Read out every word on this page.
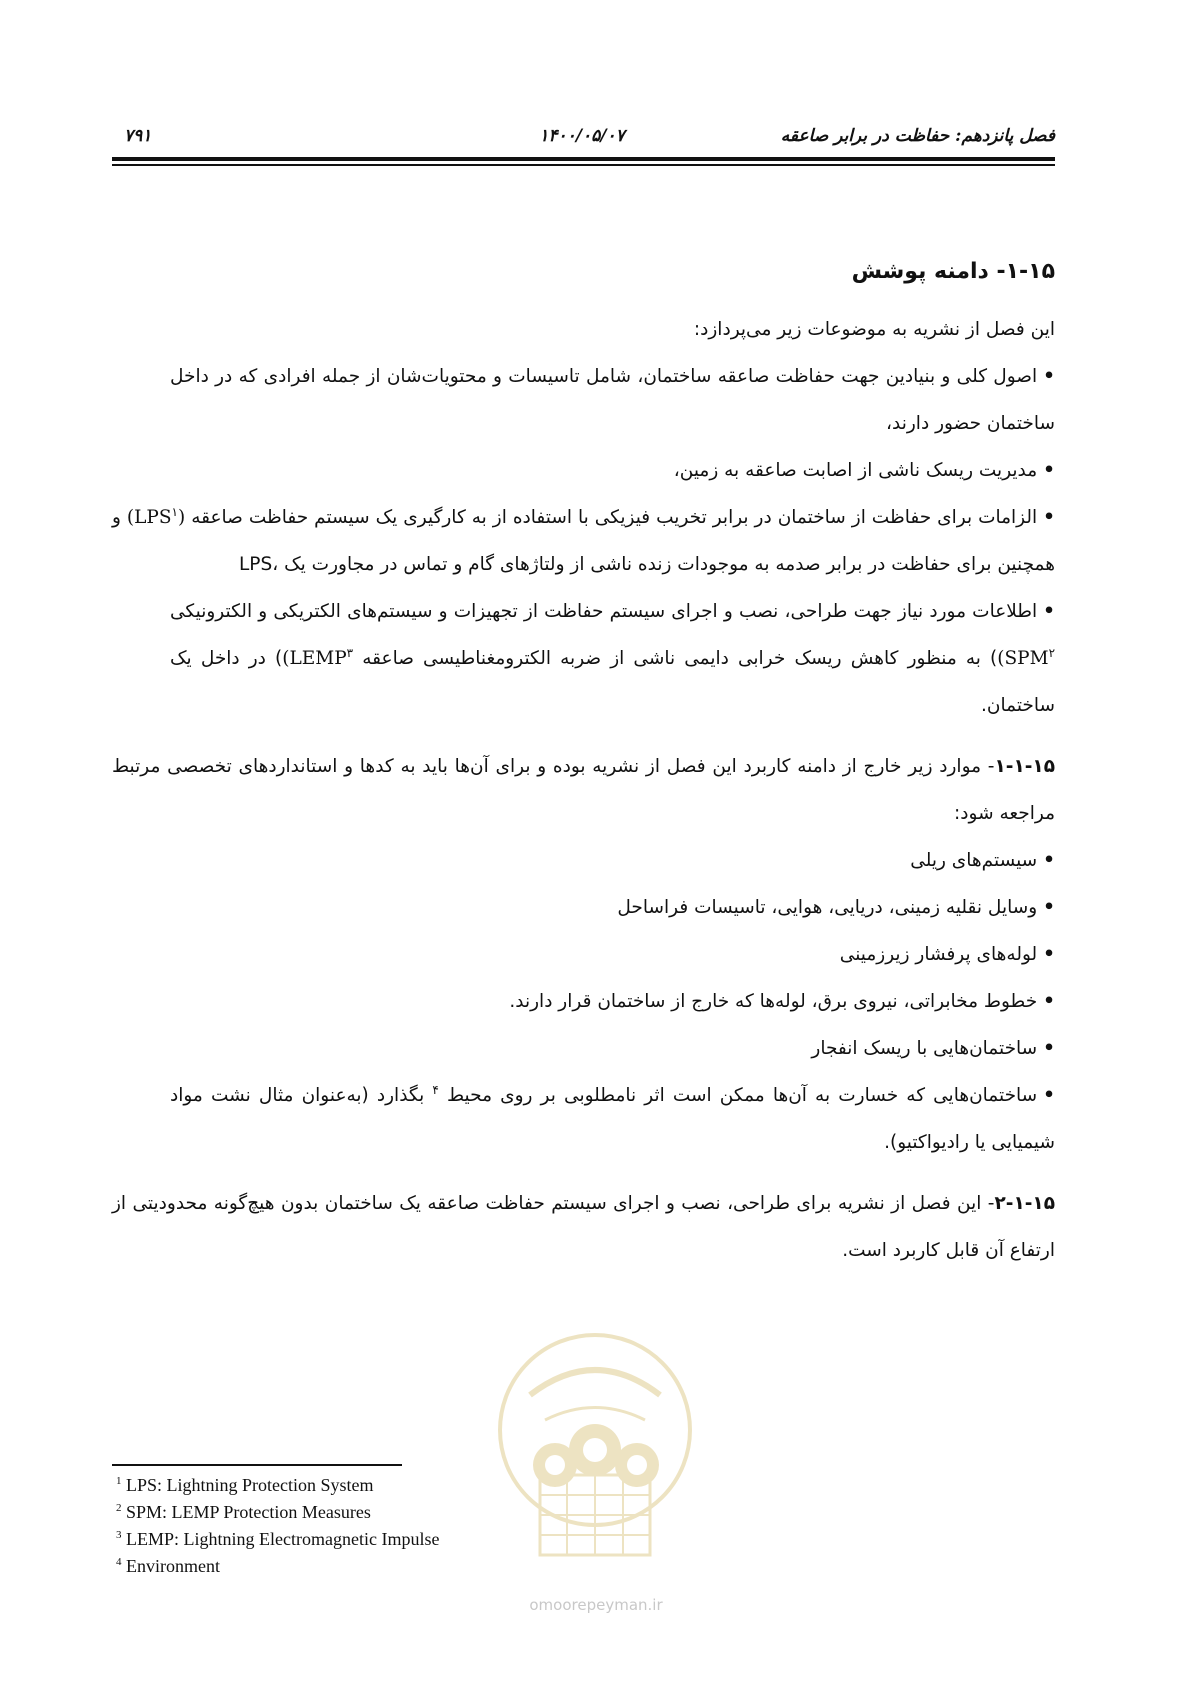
فصل پانزدهم: حفاظت در برابر صاعقه
۱۴۰۰/۰۵/۰۷
۷۹۱
۱-۱۵- دامنه پوشش

این فصل از نشریه به موضوعات زیر می‌پردازد:

•اصول کلی و بنیادین جهت حفاظت صاعقه ساختمان، شامل تاسیسات و محتویات‌شان از جمله افرادی که در داخل ساختمان حضور دارند،
•مدیریت ریسک ناشی از اصابت صاعقه به زمین،
•الزامات برای حفاظت از ساختمان در برابر تخریب فیزیکی با استفاده از به کارگیری یک سیستم حفاظت صاعقه (LPS$^۱$) و همچنین برای حفاظت در برابر صدمه به موجودات زنده ناشی از ولتاژهای گام و تماس در مجاورت یک ،LPS
•اطلاعات مورد نیاز جهت طراحی، نصب و اجرای سیستم حفاظت از تجهیزات و سیستم‌های الکتریکی و الکترونیکی (SPM$^۲$) به منظور کاهش ریسک خرابی دایمی ناشی از ضربه الکترومغناطیسی صاعقه (LEMP$^۳$) در داخل یک ساختمان.

۱-۱-۱۵- موارد زیر خارج از دامنه کاربرد این فصل از نشریه بوده و برای آن‌ها باید به کدها و استانداردهای تخصصی مرتبط مراجعه شود:

•سیستم‌های ریلی
•وسایل نقلیه زمینی، دریایی، هوایی، تاسیسات فراساحل
•لوله‌های پرفشار زیرزمینی
•خطوط مخابراتی، نیروی برق، لوله‌ها که خارج از ساختمان قرار دارند.
•ساختمان‌هایی با ریسک انفجار
•ساختمان‌هایی که خسارت به آن‌ها ممکن است اثر نامطلوبی بر روی محیط $^۴$ بگذارد (به‌عنوان مثال نشت مواد شیمیایی یا رادیواکتیو).

۲-۱-۱۵- این فصل از نشریه برای طراحی، نصب و اجرای سیستم حفاظت صاعقه یک ساختمان بدون هیچ‌گونه محدودیتی از ارتفاع آن قابل کاربرد است.

omoorepeyman.ir
$^1$ LPS: Lightning Protection System
$^2$ SPM: LEMP Protection Measures
$^3$ LEMP: Lightning Electromagnetic Impulse
$^4$ Environment
